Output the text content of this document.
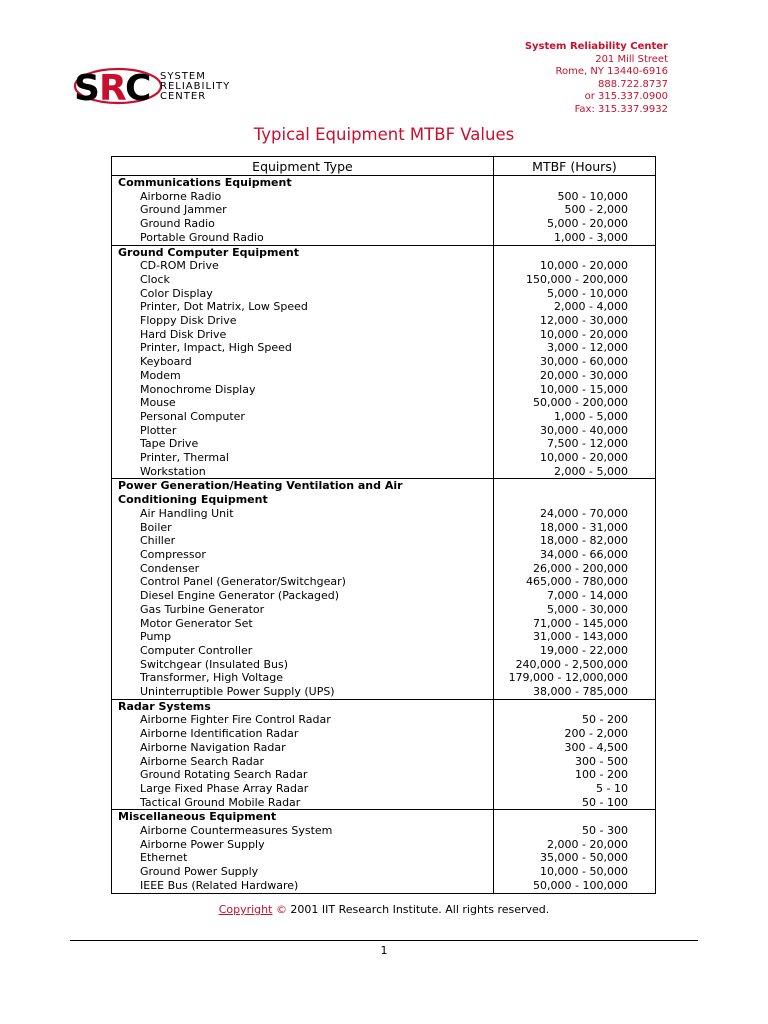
S R
C SYSTEM
RELIABILITY
CENTER
System Reliability Center
201 Mill Street
Rome, NY 13440-6916
888.722.8737
or 315.337.0900
Fax: 315.337.9932
Typical Equipment MTBF Values
Equipment Type	MTBF (Hours)
Communications Equipment	
Airborne Radio	500 - 10,000
Ground Jammer	500 - 2,000
Ground Radio	5,000 - 20,000
Portable Ground Radio	1,000 - 3,000
Ground Computer Equipment	
CD-ROM Drive	10,000 - 20,000
Clock	150,000 - 200,000
Color Display	5,000 - 10,000
Printer, Dot Matrix, Low Speed	2,000 - 4,000
Floppy Disk Drive	12,000 - 30,000
Hard Disk Drive	10,000 - 20,000
Printer, Impact, High Speed	3,000 - 12,000
Keyboard	30,000 - 60,000
Modem	20,000 - 30,000
Monochrome Display	10,000 - 15,000
Mouse	50,000 - 200,000
Personal Computer	1,000 - 5,000
Plotter	30,000 - 40,000
Tape Drive	7,500 - 12,000
Printer, Thermal	10,000 - 20,000
Workstation	2,000 - 5,000
Power Generation/Heating Ventilation and Air	
Conditioning Equipment	
Air Handling Unit	24,000 - 70,000
Boiler	18,000 - 31,000
Chiller	18,000 - 82,000
Compressor	34,000 - 66,000
Condenser	26,000 - 200,000
Control Panel (Generator/Switchgear)	465,000 - 780,000
Diesel Engine Generator (Packaged)	7,000 - 14,000
Gas Turbine Generator	5,000 - 30,000
Motor Generator Set	71,000 - 145,000
Pump	31,000 - 143,000
Computer Controller	19,000 - 22,000
Switchgear (Insulated Bus)	240,000 - 2,500,000
Transformer, High Voltage	179,000 - 12,000,000
Uninterruptible Power Supply (UPS)	38,000 - 785,000
Radar Systems	
Airborne Fighter Fire Control Radar	50 - 200
Airborne Identification Radar	200 - 2,000
Airborne Navigation Radar	300 - 4,500
Airborne Search Radar	300 - 500
Ground Rotating Search Radar	100 - 200
Large Fixed Phase Array Radar	5 - 10
Tactical Ground Mobile Radar	50 - 100
Miscellaneous Equipment	
Airborne Countermeasures System	50 - 300
Airborne Power Supply	2,000 - 20,000
Ethernet	35,000 - 50,000
Ground Power Supply	10,000 - 50,000
IEEE Bus (Related Hardware)	50,000 - 100,000
Copyright © 2001 IIT Research Institute. All rights reserved.
1
